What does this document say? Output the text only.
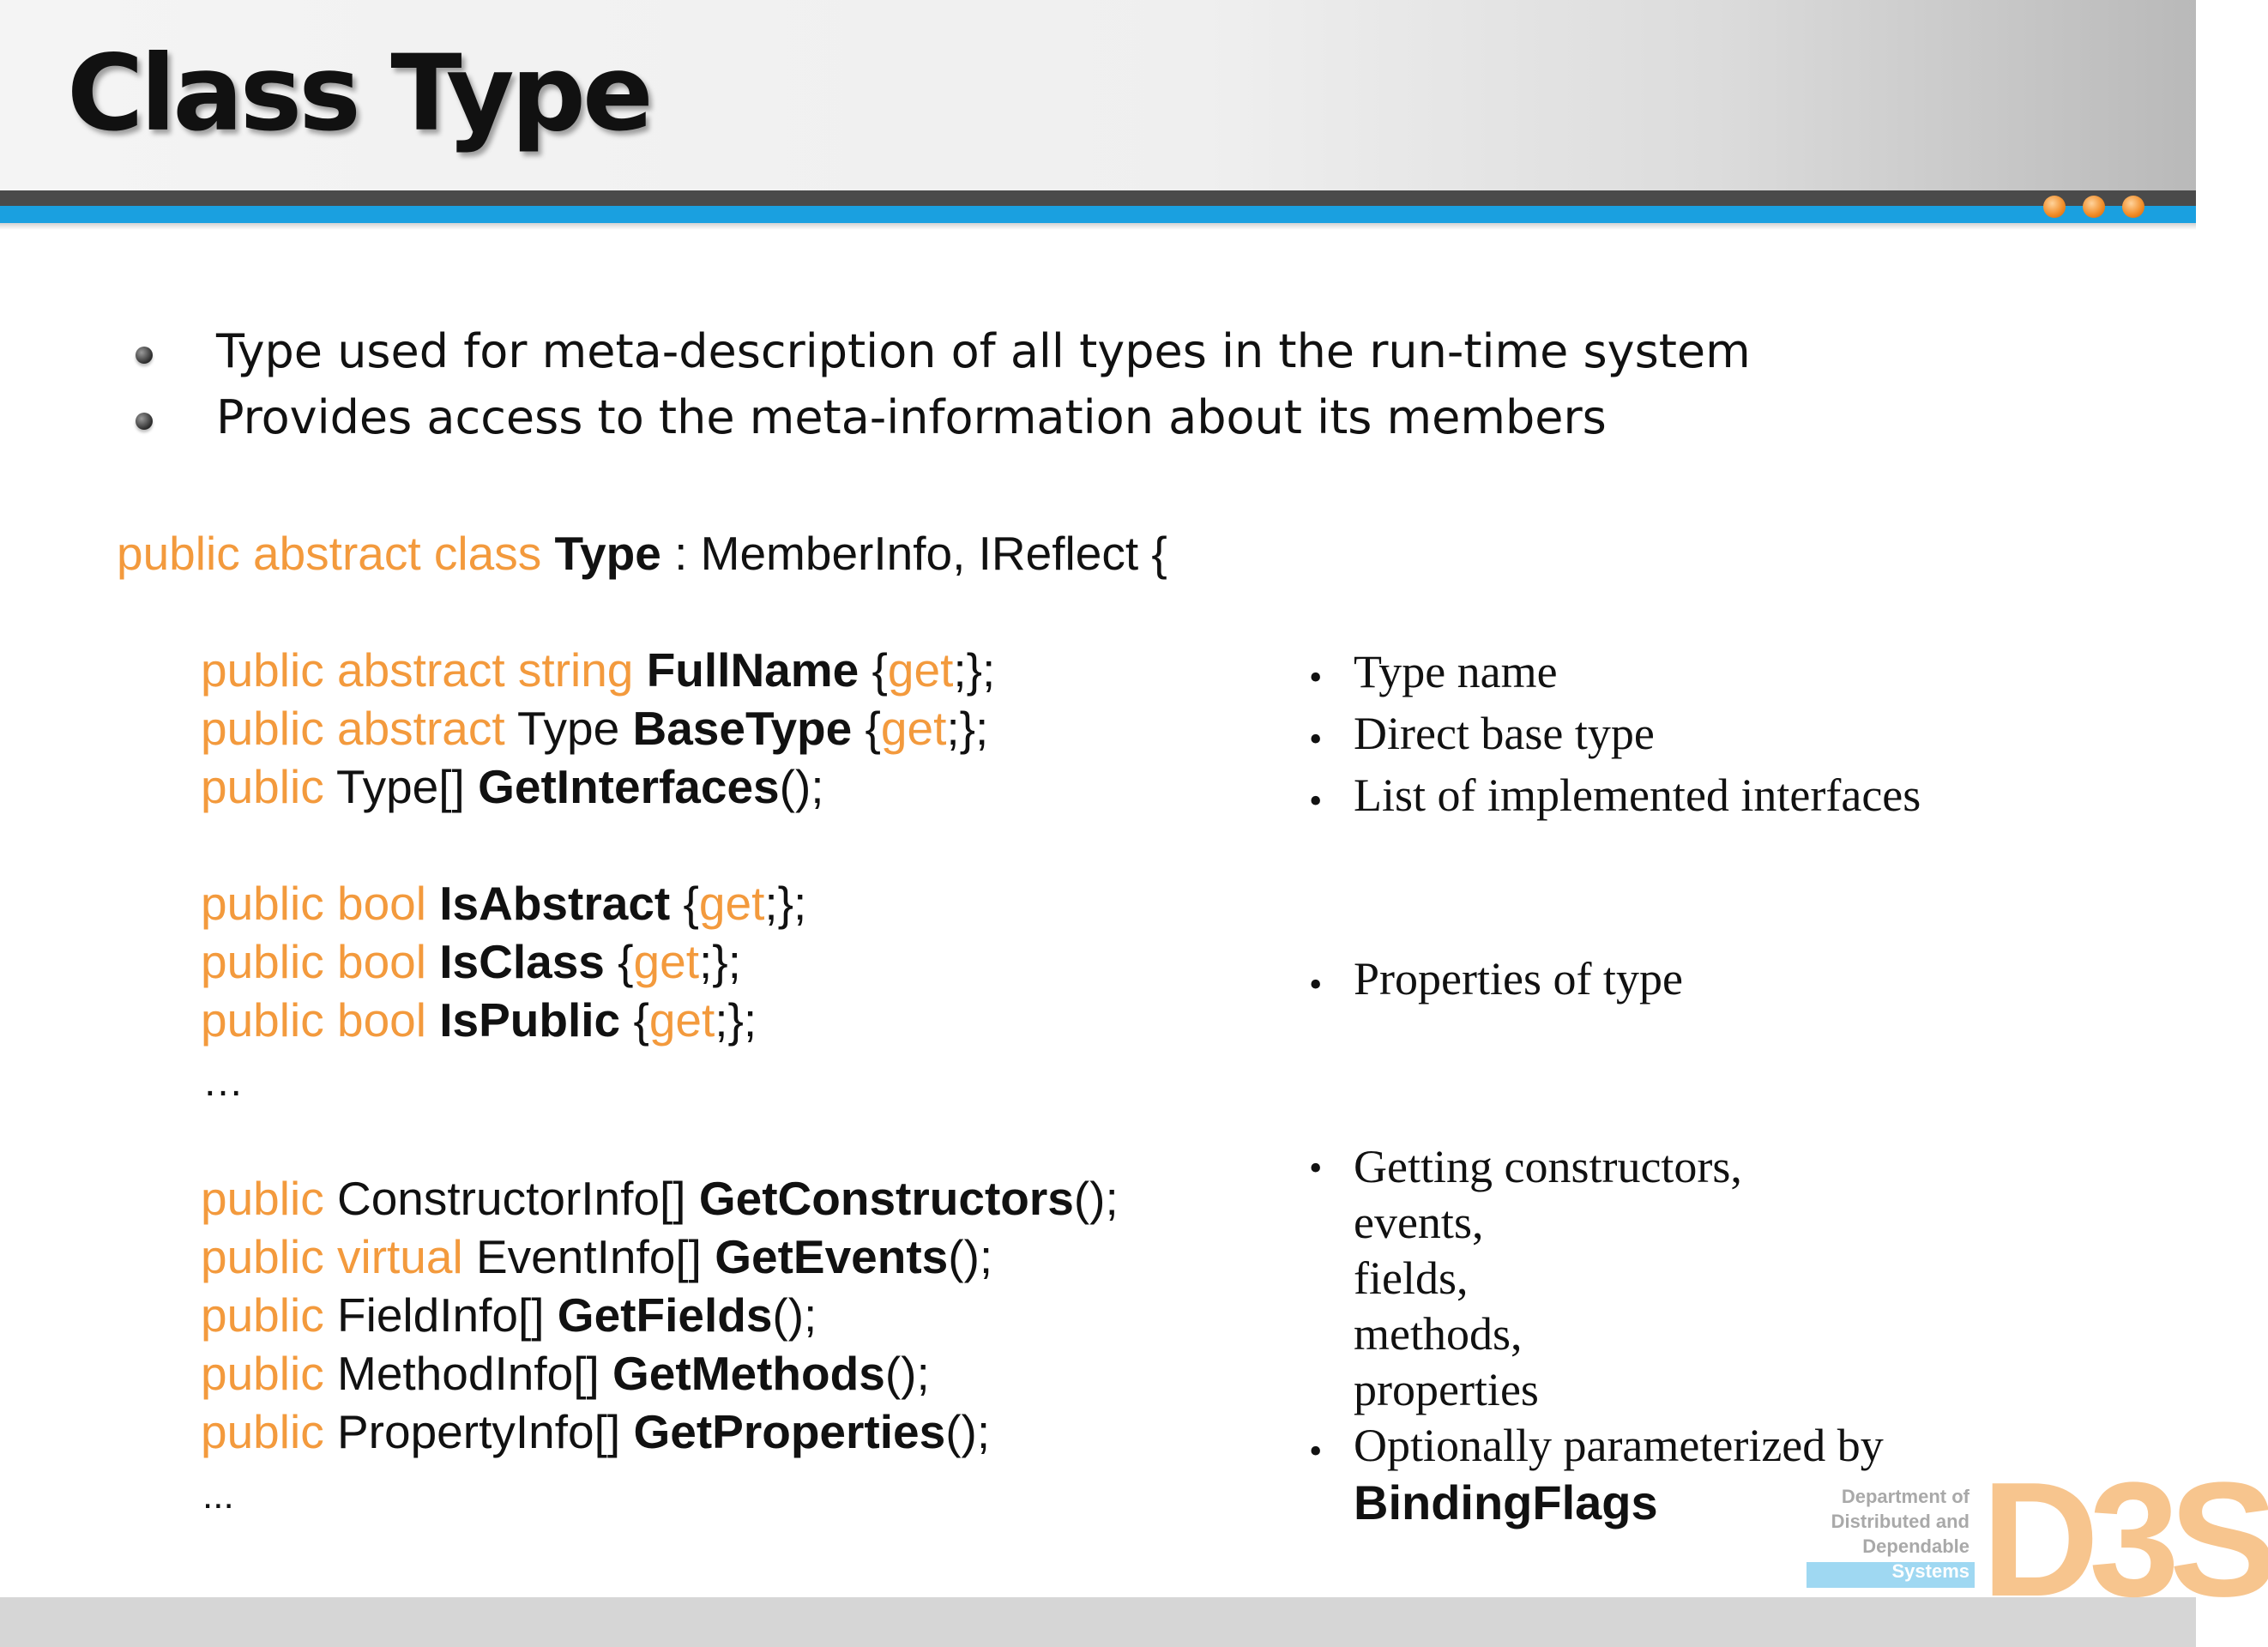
Class Type
Type used for meta-description of all types in the run-time system
Provides access to the meta-information about its members
public abstract class Type : MemberInfo, IReflect {
public abstract string FullName {get;};
public abstract Type BaseType {get;};
public Type[] GetInterfaces();
public bool IsAbstract {get;};
public bool IsClass {get;};
public bool IsPublic {get;};
…
public ConstructorInfo[] GetConstructors();
public virtual EventInfo[] GetEvents();
public FieldInfo[] GetFields();
public MethodInfo[] GetMethods();
public PropertyInfo[] GetProperties();
...
• Type name
• Direct base type
• List of implemented interfaces
• Properties of type
• Getting constructors,
events,
fields,
methods,
properties
• Optionally parameterized by
BindingFlags	Department of
Distributed and
Dependable
Systems D3S
